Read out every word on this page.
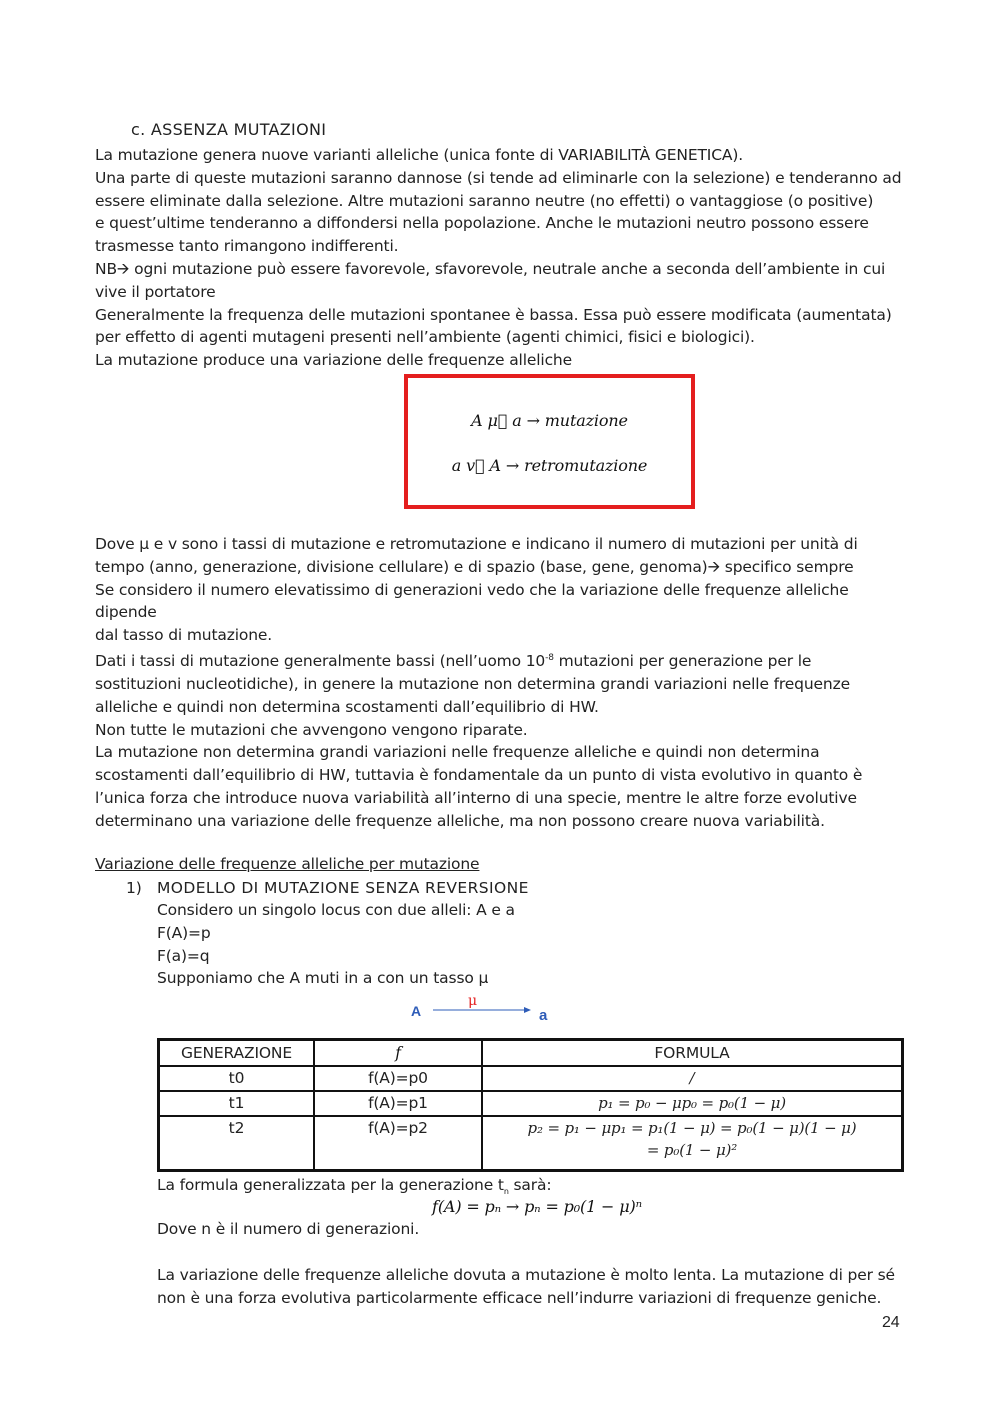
c. ASSENZA MUTAZIONI

La mutazione genera nuove varianti alleliche (unica fonte di VARIABILITÀ GENETICA).

Una parte di queste mutazioni saranno dannose (si tende ad eliminarle con la selezione) e tenderanno ad

essere eliminate dalla selezione. Altre mutazioni saranno neutre (no effetti) o vantaggiose (o positive)

e quest’ultime tenderanno a diffondersi nella popolazione. Anche le mutazioni neutro possono essere

trasmesse tanto rimangono indifferenti.

NB🡪 ogni mutazione può essere favorevole, sfavorevole, neutrale anche a seconda dell’ambiente in cui

vive il portatore

Generalmente la frequenza delle mutazioni spontanee è bassa. Essa può essere modificata (aumentata)

per effetto di agenti mutageni presenti nell’ambiente (agenti chimici, fisici e biologici).

La mutazione produce una variazione delle frequenze alleliche

A μ⃗ a → mutazione
a v⃗ A → retromutazione

Dove μ e v sono i tassi di mutazione e retromutazione e indicano il numero di mutazioni per unità di

tempo (anno, generazione, divisione cellulare) e di spazio (base, gene, genoma)🡪 specifico sempre

Se considero il numero elevatissimo di generazioni vedo che la variazione delle frequenze alleliche dipende

dal tasso di mutazione.

Dati i tassi di mutazione generalmente bassi (nell’uomo $10^{-8}$ mutazioni per generazione per le

sostituzioni nucleotidiche), in genere la mutazione non determina grandi variazioni nelle frequenze

alleliche e quindi non determina scostamenti dall’equilibrio di HW.

Non tutte le mutazioni che avvengono vengono riparate.

La mutazione non determina grandi variazioni nelle frequenze alleliche e quindi non determina

scostamenti dall’equilibrio di HW, tuttavia è fondamentale da un punto di vista evolutivo in quanto è

l’unica forza che introduce nuova variabilità all’interno di una specie, mentre le altre forze evolutive

determinano una variazione delle frequenze alleliche, ma non possono creare nuova variabilità.

Variazione delle frequenze alleliche per mutazione
1) MODELLO DI MUTAZIONE SENZA REVERSIONE

Considero un singolo locus con due alleli: A e a

F(A)=p

F(a)=q

Supponiamo che A muti in a con un tasso μ

A
μ
a
GENERAZIONE	f	FORMULA
t0	f(A)=p0	/
t1	f(A)=p1	p₁ = p₀ − μp₀ = p₀(1 − μ)
t2	f(A)=p2	p₂ = p₁ − μp₁ = p₁(1 − μ) = p₀(1 − μ)(1 − μ)
= p₀(1 − μ)²

La formula generalizzata per la generazione $t_n$ sarà:

f(A) = pₙ → pₙ = p₀(1 − μ)ⁿ

Dove n è il numero di generazioni.

La variazione delle frequenze alleliche dovuta a mutazione è molto lenta. La mutazione di per sé

non è una forza evolutiva particolarmente efficace nell’indurre variazioni di frequenze geniche.

24
